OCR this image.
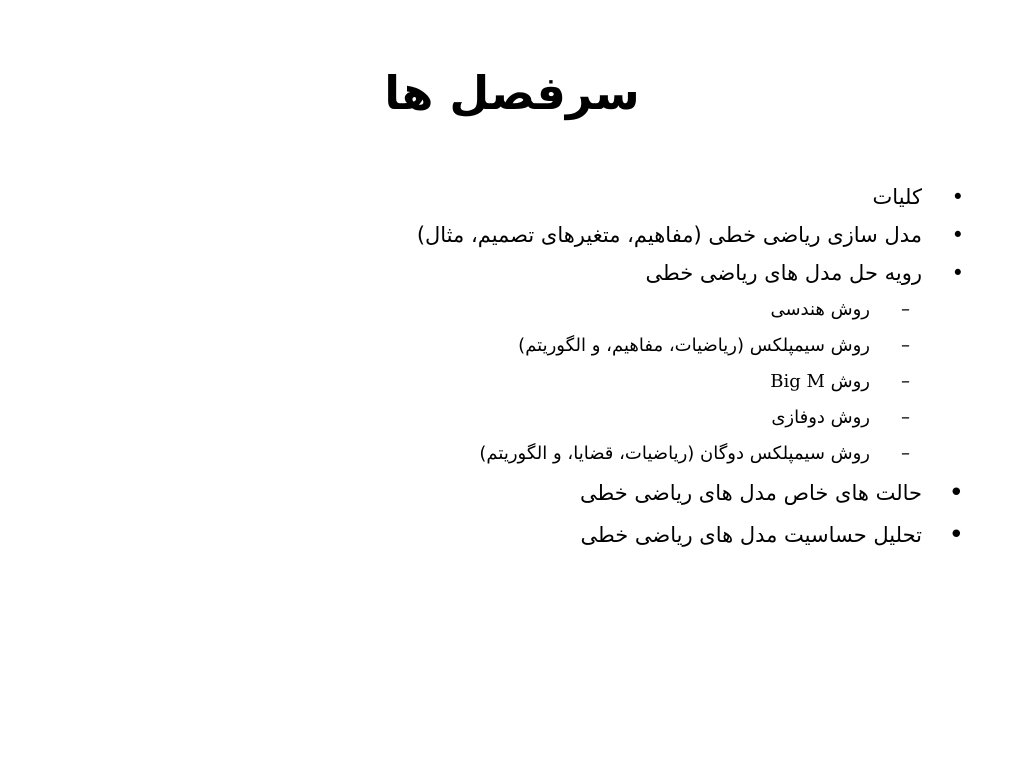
سرفصل ها
•
کلیات
•
مدل سازی ریاضی خطی (مفاهیم، متغیرهای تصمیم، مثال)
•
رویه حل مدل های ریاضی خطی
–
روش هندسی
–
روش سیمپلکس (ریاضیات، مفاهیم، و الگوریتم)
–
روش Big M
–
روش دوفازی
–
روش سیمپلکس دوگان (ریاضیات، قضایا، و الگوریتم)
•
حالت های خاص مدل های ریاضی خطی
•
تحلیل حساسیت مدل های ریاضی خطی
